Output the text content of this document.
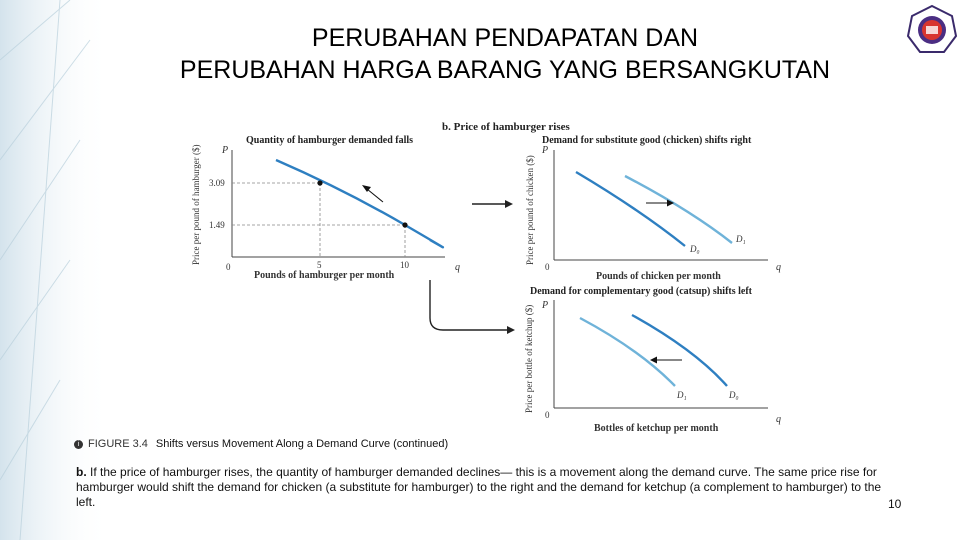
PERUBAHAN PENDAPATAN DAN
PERUBAHAN HARGA BARANG YANG BERSANGKUTAN
b. Price of hamburger rises
Quantity of hamburger demanded falls
P
q
0
Price per pound of hamburger ($)
Pounds of hamburger per month
3.09
1.49
5	10
Demand for substitute good (chicken) shifts right
P
q
0
Price per pound of chicken ($)
Pounds of chicken per month
D₀
D₁
Demand for complementary good (catsup) shifts left
P
q
0
Price per bottle of ketchup ($)
Bottles of ketchup per month
D₁	D₀
i FIGURE 3.4 Shifts versus Movement Along a Demand Curve (continued)
b. If the price of hamburger rises, the quantity of hamburger demanded declines— this is a movement along the demand curve. The same price rise for hamburger would shift the demand for chicken (a substitute for hamburger) to the right and the demand for ketchup (a complement to hamburger) to the left.	10
